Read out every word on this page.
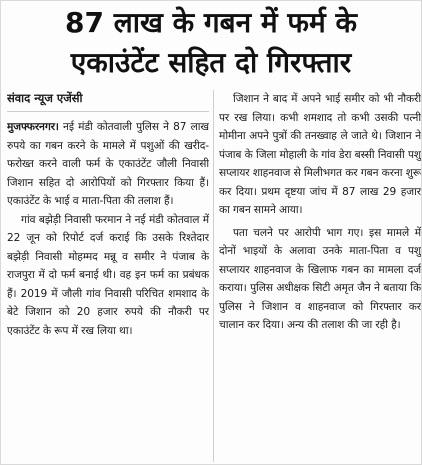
87 लाख के गबन में फर्म के
एकाउंटेंट सहित दो गिरफ्तार
संवाद न्यूज एजेंसी

मुजफ्फरनगर। नई मंडी कोतवाली पुलिस ने 87 लाख रुपये का गबन करने के मामले में पशुओं की खरीद-फरोख्त करने वाली फर्म के एकाउंटेंट जौली निवासी जिशान सहित दो आरोपियों को गिरफ्तार किया हैं। एकाउंटेंट के भाई व माता-पिता की तलाश हैं।

गांव बझेड़ी निवासी फरमान ने नई मंडी कोतवाल में 22 जून को रिपोर्ट दर्ज कराई कि उसके रिश्तेदार बझेड़ी निवासी मोहम्मद मन्नू व समीर ने पंजाब के राजपुरा में दो फर्म बनाई थी। वह इन फर्म का प्रबंधक हैं। 2019 में जौली गांव निवासी परिचित शमशाद के बेटे जिशान को 20 हजार रुपये की नौकरी पर एकाउंटेंट के रूप में रख लिया था।

जिशान ने बाद में अपने भाई समीर को भी नौकरी पर रख लिया। कभी शमशाद तो कभी उसकी पत्नी मोमीना अपने पुत्रों की तनख्वाह ले जाते थे। जिशान ने पंजाब के जिला मोहाली के गांव डेरा बस्सी निवासी पशु सप्लायर शाहनवाज से मिलीभगत कर गबन करना शुरू कर दिया। प्रथम दृष्टया जांच में 87 लाख 29 हजार का गबन सामने आया।

पता चलने पर आरोपी भाग गए। इस मामले में दोनों भाइयों के अलावा उनके माता-पिता व पशु सप्लायर शाहनवाज के खिलाफ गबन का मामला दर्ज कराया। पुलिस अधीक्षक सिटी अमृत जैन ने बताया कि पुलिस ने जिशान व शाहनवाज को गिरफ्तार कर चालान कर दिया। अन्य की तलाश की जा रही है।
